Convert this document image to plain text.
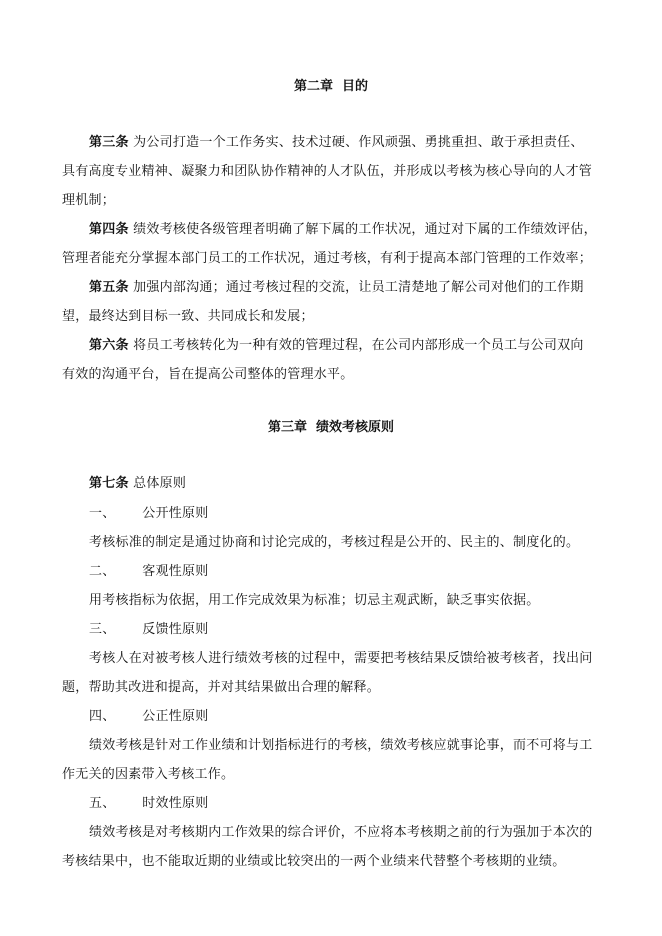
第二章  目的
第三条 为公司打造一个工作务实、技术过硬、作风顽强、勇挑重担、敢于承担责任、
具有高度专业精神、凝聚力和团队协作精神的人才队伍，并形成以考核为核心导向的人才管
理机制；
第四条 绩效考核使各级管理者明确了解下属的工作状况，通过对下属的工作绩效评估，
管理者能充分掌握本部门员工的工作状况，通过考核，有利于提高本部门管理的工作效率；
第五条 加强内部沟通；通过考核过程的交流，让员工清楚地了解公司对他们的工作期
望，最终达到目标一致、共同成长和发展；
第六条 将员工考核转化为一种有效的管理过程，在公司内部形成一个员工与公司双向
有效的沟通平台，旨在提高公司整体的管理水平。
第三章  绩效考核原则
第七条 总体原则
一、 公开性原则
考核标准的制定是通过协商和讨论完成的，考核过程是公开的、民主的、制度化的。
二、 客观性原则
用考核指标为依据，用工作完成效果为标准；切忌主观武断，缺乏事实依据。
三、 反馈性原则
考核人在对被考核人进行绩效考核的过程中，需要把考核结果反馈给被考核者，找出问
题，帮助其改进和提高，并对其结果做出合理的解释。
四、 公正性原则
绩效考核是针对工作业绩和计划指标进行的考核，绩效考核应就事论事，而不可将与工
作无关的因素带入考核工作。
五、 时效性原则
绩效考核是对考核期内工作效果的综合评价，不应将本考核期之前的行为强加于本次的
考核结果中，也不能取近期的业绩或比较突出的一两个业绩来代替整个考核期的业绩。
